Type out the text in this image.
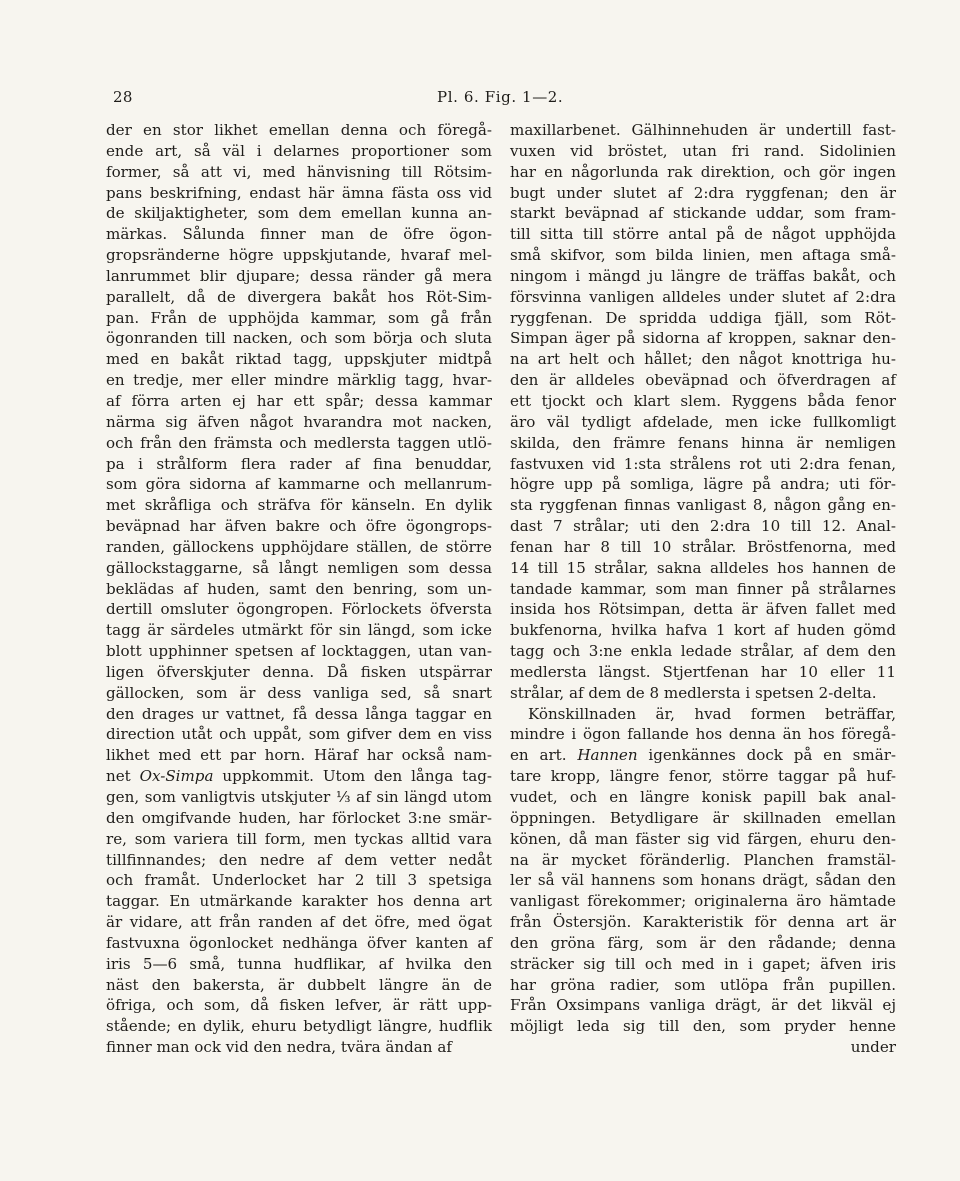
28	Pl. 6. Fig. 1—2.
der en stor likhet emellan denna och föregå-
ende art, så väl i delarnes proportioner som
former, så att vi, med hänvisning till Rötsim-
pans beskrifning, endast här ämna fästa oss vid
de skiljaktigheter, som dem emellan kunna an-
märkas. Sålunda finner man de öfre ögon-
gropsränderne högre uppskjutande, hvaraf mel-
lanrummet blir djupare; dessa ränder gå mera
parallelt, då de divergera bakåt hos Röt-Sim-
pan. Från de upphöjda kammar, som gå från
ögonranden till nacken, och som börja och sluta
med en bakåt riktad tagg, uppskjuter midtpå
en tredje, mer eller mindre märklig tagg, hvar-
af förra arten ej har ett spår; dessa kammar
närma sig äfven något hvarandra mot nacken,
och från den främsta och medlersta taggen utlö-
pa i strålform flera rader af fina benuddar,
som göra sidorna af kammarne och mellanrum-
met skråfliga och sträfva för känseln. En dylik
beväpnad har äfven bakre och öfre ögongrops-
randen, gällockens upphöjdare ställen, de större
gällockstaggarne, så långt nemligen som dessa
beklädas af huden, samt den benring, som un-
dertill omsluter ögongropen. Förlockets öfversta
tagg är särdeles utmärkt för sin längd, som icke
blott upphinner spetsen af locktaggen, utan van-
ligen öfverskjuter denna. Då fisken utspärrar
gällocken, som är dess vanliga sed, så snart
den drages ur vattnet, få dessa långa taggar en
direction utåt och uppåt, som gifver dem en viss
likhet med ett par horn. Häraf har också nam-
net Ox-Simpa uppkommit. Utom den långa tag-
gen, som vanligtvis utskjuter ⅓ af sin längd utom
den omgifvande huden, har förlocket 3:ne smär-
re, som variera till form, men tyckas alltid vara
tillfinnandes; den nedre af dem vetter nedåt
och framåt. Underlocket har 2 till 3 spetsiga
taggar. En utmärkande karakter hos denna art
är vidare, att från randen af det öfre, med ögat
fastvuxna ögonlocket nedhänga öfver kanten af
iris 5—6 små, tunna hudflikar, af hvilka den
näst den bakersta, är dubbelt längre än de
öfriga, och som, då fisken lefver, är rätt upp-
stående; en dylik, ehuru betydligt längre, hudflik
finner man ock vid den nedra, tvära ändan af
maxillarbenet. Gälhinnehuden är undertill fast-
vuxen vid bröstet, utan fri rand. Sidolinien
har en någorlunda rak direktion, och gör ingen
bugt under slutet af 2:dra ryggfenan; den är
starkt beväpnad af stickande uddar, som fram-
till sitta till större antal på de något upphöjda
små skifvor, som bilda linien, men aftaga små-
ningom i mängd ju längre de träffas bakåt, och
försvinna vanligen alldeles under slutet af 2:dra
ryggfenan. De spridda uddiga fjäll, som Röt-
Simpan äger på sidorna af kroppen, saknar den-
na art helt och hållet; den något knottriga hu-
den är alldeles obeväpnad och öfverdragen af
ett tjockt och klart slem. Ryggens båda fenor
äro väl tydligt afdelade, men icke fullkomligt
skilda, den främre fenans hinna är nemligen
fastvuxen vid 1:sta strålens rot uti 2:dra fenan,
högre upp på somliga, lägre på andra; uti för-
sta ryggfenan finnas vanligast 8, någon gång en-
dast 7 strålar; uti den 2:dra 10 till 12. Anal-
fenan har 8 till 10 strålar. Bröstfenorna, med
14 till 15 strålar, sakna alldeles hos hannen de
tandade kammar, som man finner på strålarnes
insida hos Rötsimpan, detta är äfven fallet med
bukfenorna, hvilka hafva 1 kort af huden gömd
tagg och 3:ne enkla ledade strålar, af dem den
medlersta längst. Stjertfenan har 10 eller 11
strålar, af dem de 8 medlersta i spetsen 2-delta.
Könskillnaden är, hvad formen beträffar,
mindre i ögon fallande hos denna än hos föregå-
en art. Hannen igenkännes dock på en smär-
tare kropp, längre fenor, större taggar på huf-
vudet, och en längre konisk papill bak anal-
öppningen. Betydligare är skillnaden emellan
könen, då man fäster sig vid färgen, ehuru den-
na är mycket föränderlig. Planchen framstäl-
ler så väl hannens som honans drägt, sådan den
vanligast förekommer; originalerna äro hämtade
från Östersjön. Karakteristik för denna art är
den gröna färg, som är den rådande; denna
sträcker sig till och med in i gapet; äfven iris
har gröna radier, som utlöpa från pupillen.
Från Oxsimpans vanliga drägt, är det likväl ej
möjligt leda sig till den, som pryder henne
under
